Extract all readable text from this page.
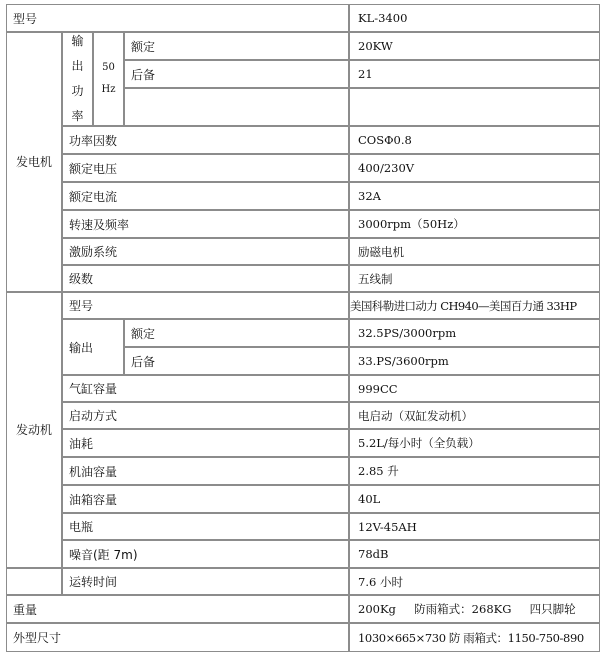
型号	KL-3400
发电机
输出功率
50 Hz
额定	20KW
后备	21
功率因数	COSΦ0.8
额定电压	400/230V
额定电流	32A
转速及频率	3000rpm（50Hz）
激励系统	励磁电机
级数	五线制
发动机
型号	美国科勒进口动力 CH940—美国百力通 33HP
输出
额定	32.5PS/3000rpm
后备	33.PS/3600rpm
气缸容量	999CC
启动方式	电启动（双缸发动机）
油耗	5.2L/每小时（全负载）
机油容量	2.85 升
油箱容量	40L
电瓶	12V-45AH
噪音(距 7m)	78dB
运转时间	7.6 小时
重量	200Kg     防雨箱式：268KG     四只脚轮
外型尺寸	1030×665×730 防 雨箱式：1150-750-890
